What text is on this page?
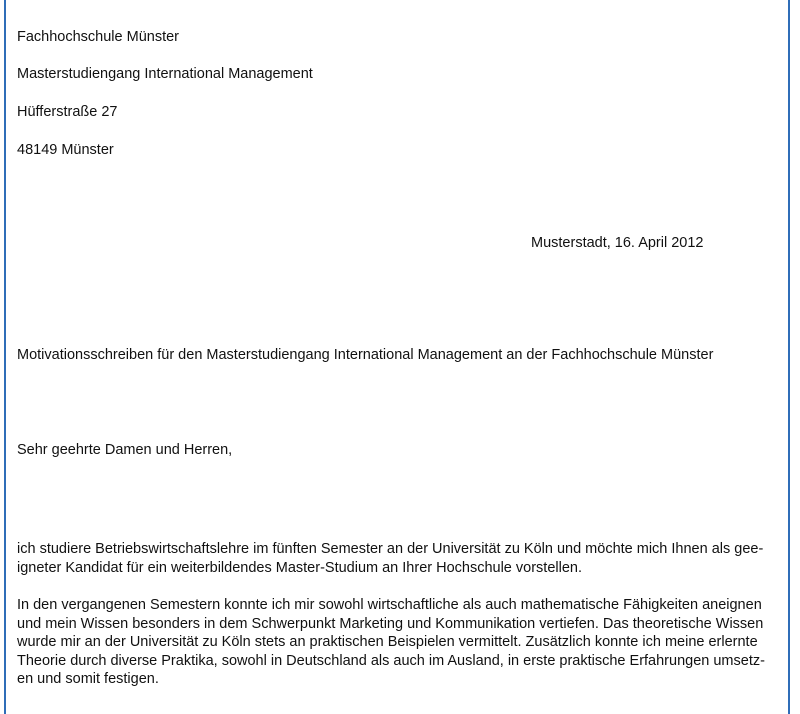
Fachhochschule Münster
Masterstudiengang International Management
Hüfferstraße 27
48149 Münster
Musterstadt, 16. April 2012
Motivationsschreiben für den Masterstudiengang International Management an der Fachhochschule Münster
Sehr geehrte Damen und Herren,
ich studiere Betriebswirtschaftslehre im fünften Semester an der Universität zu Köln und möchte mich Ihnen als gee-
igneter Kandidat für ein weiterbildendes Master-Studium an Ihrer Hochschule vorstellen.
In den vergangenen Semestern konnte ich mir sowohl wirtschaftliche als auch mathematische Fähigkeiten aneignen
und mein Wissen besonders in dem Schwerpunkt Marketing und Kommunikation vertiefen. Das theoretische Wissen
wurde mir an der Universität zu Köln stets an praktischen Beispielen vermittelt. Zusätzlich konnte ich meine erlernte
Theorie durch diverse Praktika, sowohl in Deutschland als auch im Ausland, in erste praktische Erfahrungen umsetz-
en und somit festigen.
